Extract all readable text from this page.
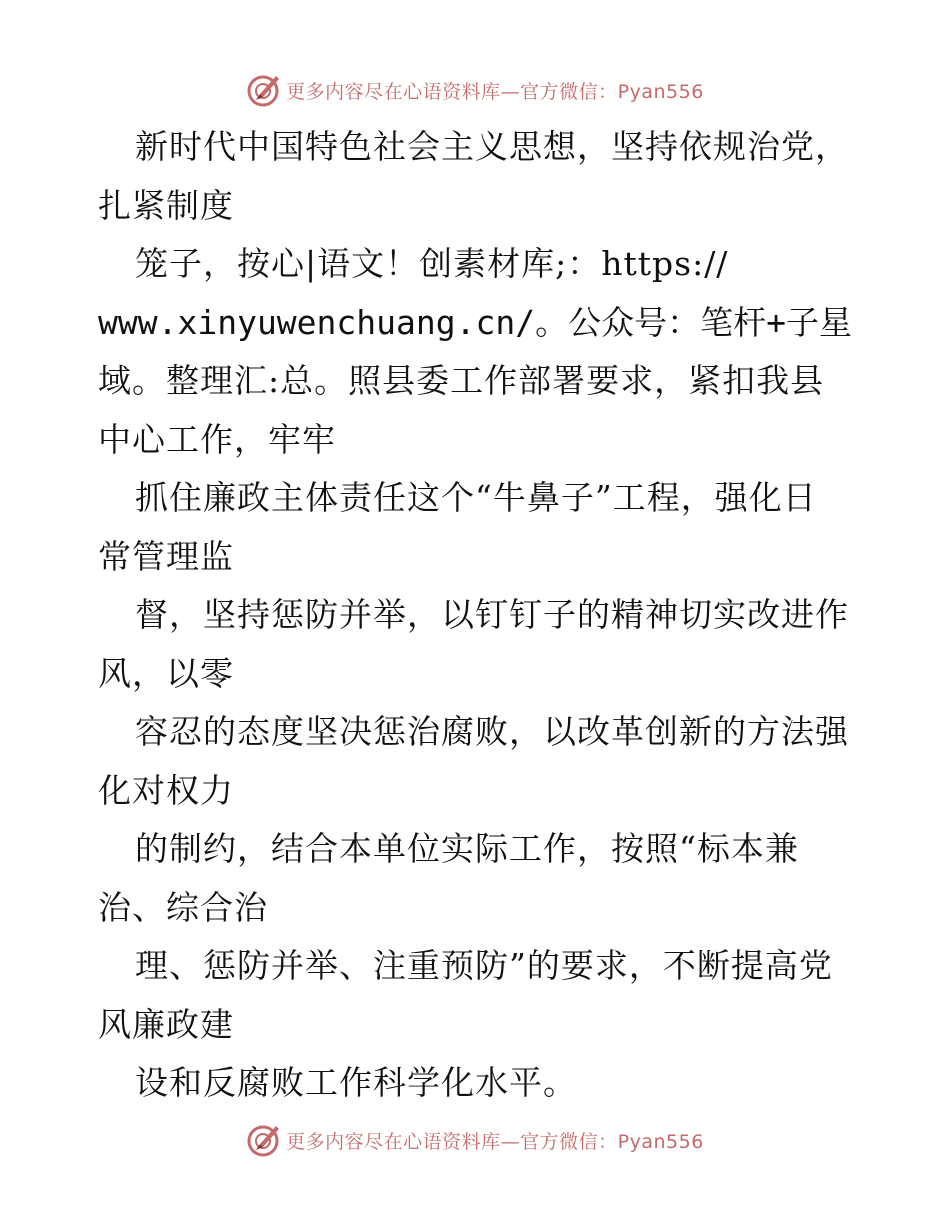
更多内容尽在心语资料库—官方微信：Pyan556
新时代中国特色社会主义思想，坚持依规治党，
扎紧制度
笼子，按心|语文！创素材库;：https://
www.xinyuwenchuang.cn/。公众号：笔杆+子星
域。整理汇:总。照县委工作部署要求，紧扣我县
中心工作，牢牢
抓住廉政主体责任这个“牛鼻子”工程，强化日
常管理监
督，坚持惩防并举，以钉钉子的精神切实改进作
风，以零
容忍的态度坚决惩治腐败，以改革创新的方法强
化对权力
的制约，结合本单位实际工作，按照“标本兼
治、综合治
理、惩防并举、注重预防”的要求，不断提高党
风廉政建
设和反腐败工作科学化水平。
更多内容尽在心语资料库—官方微信：Pyan556
